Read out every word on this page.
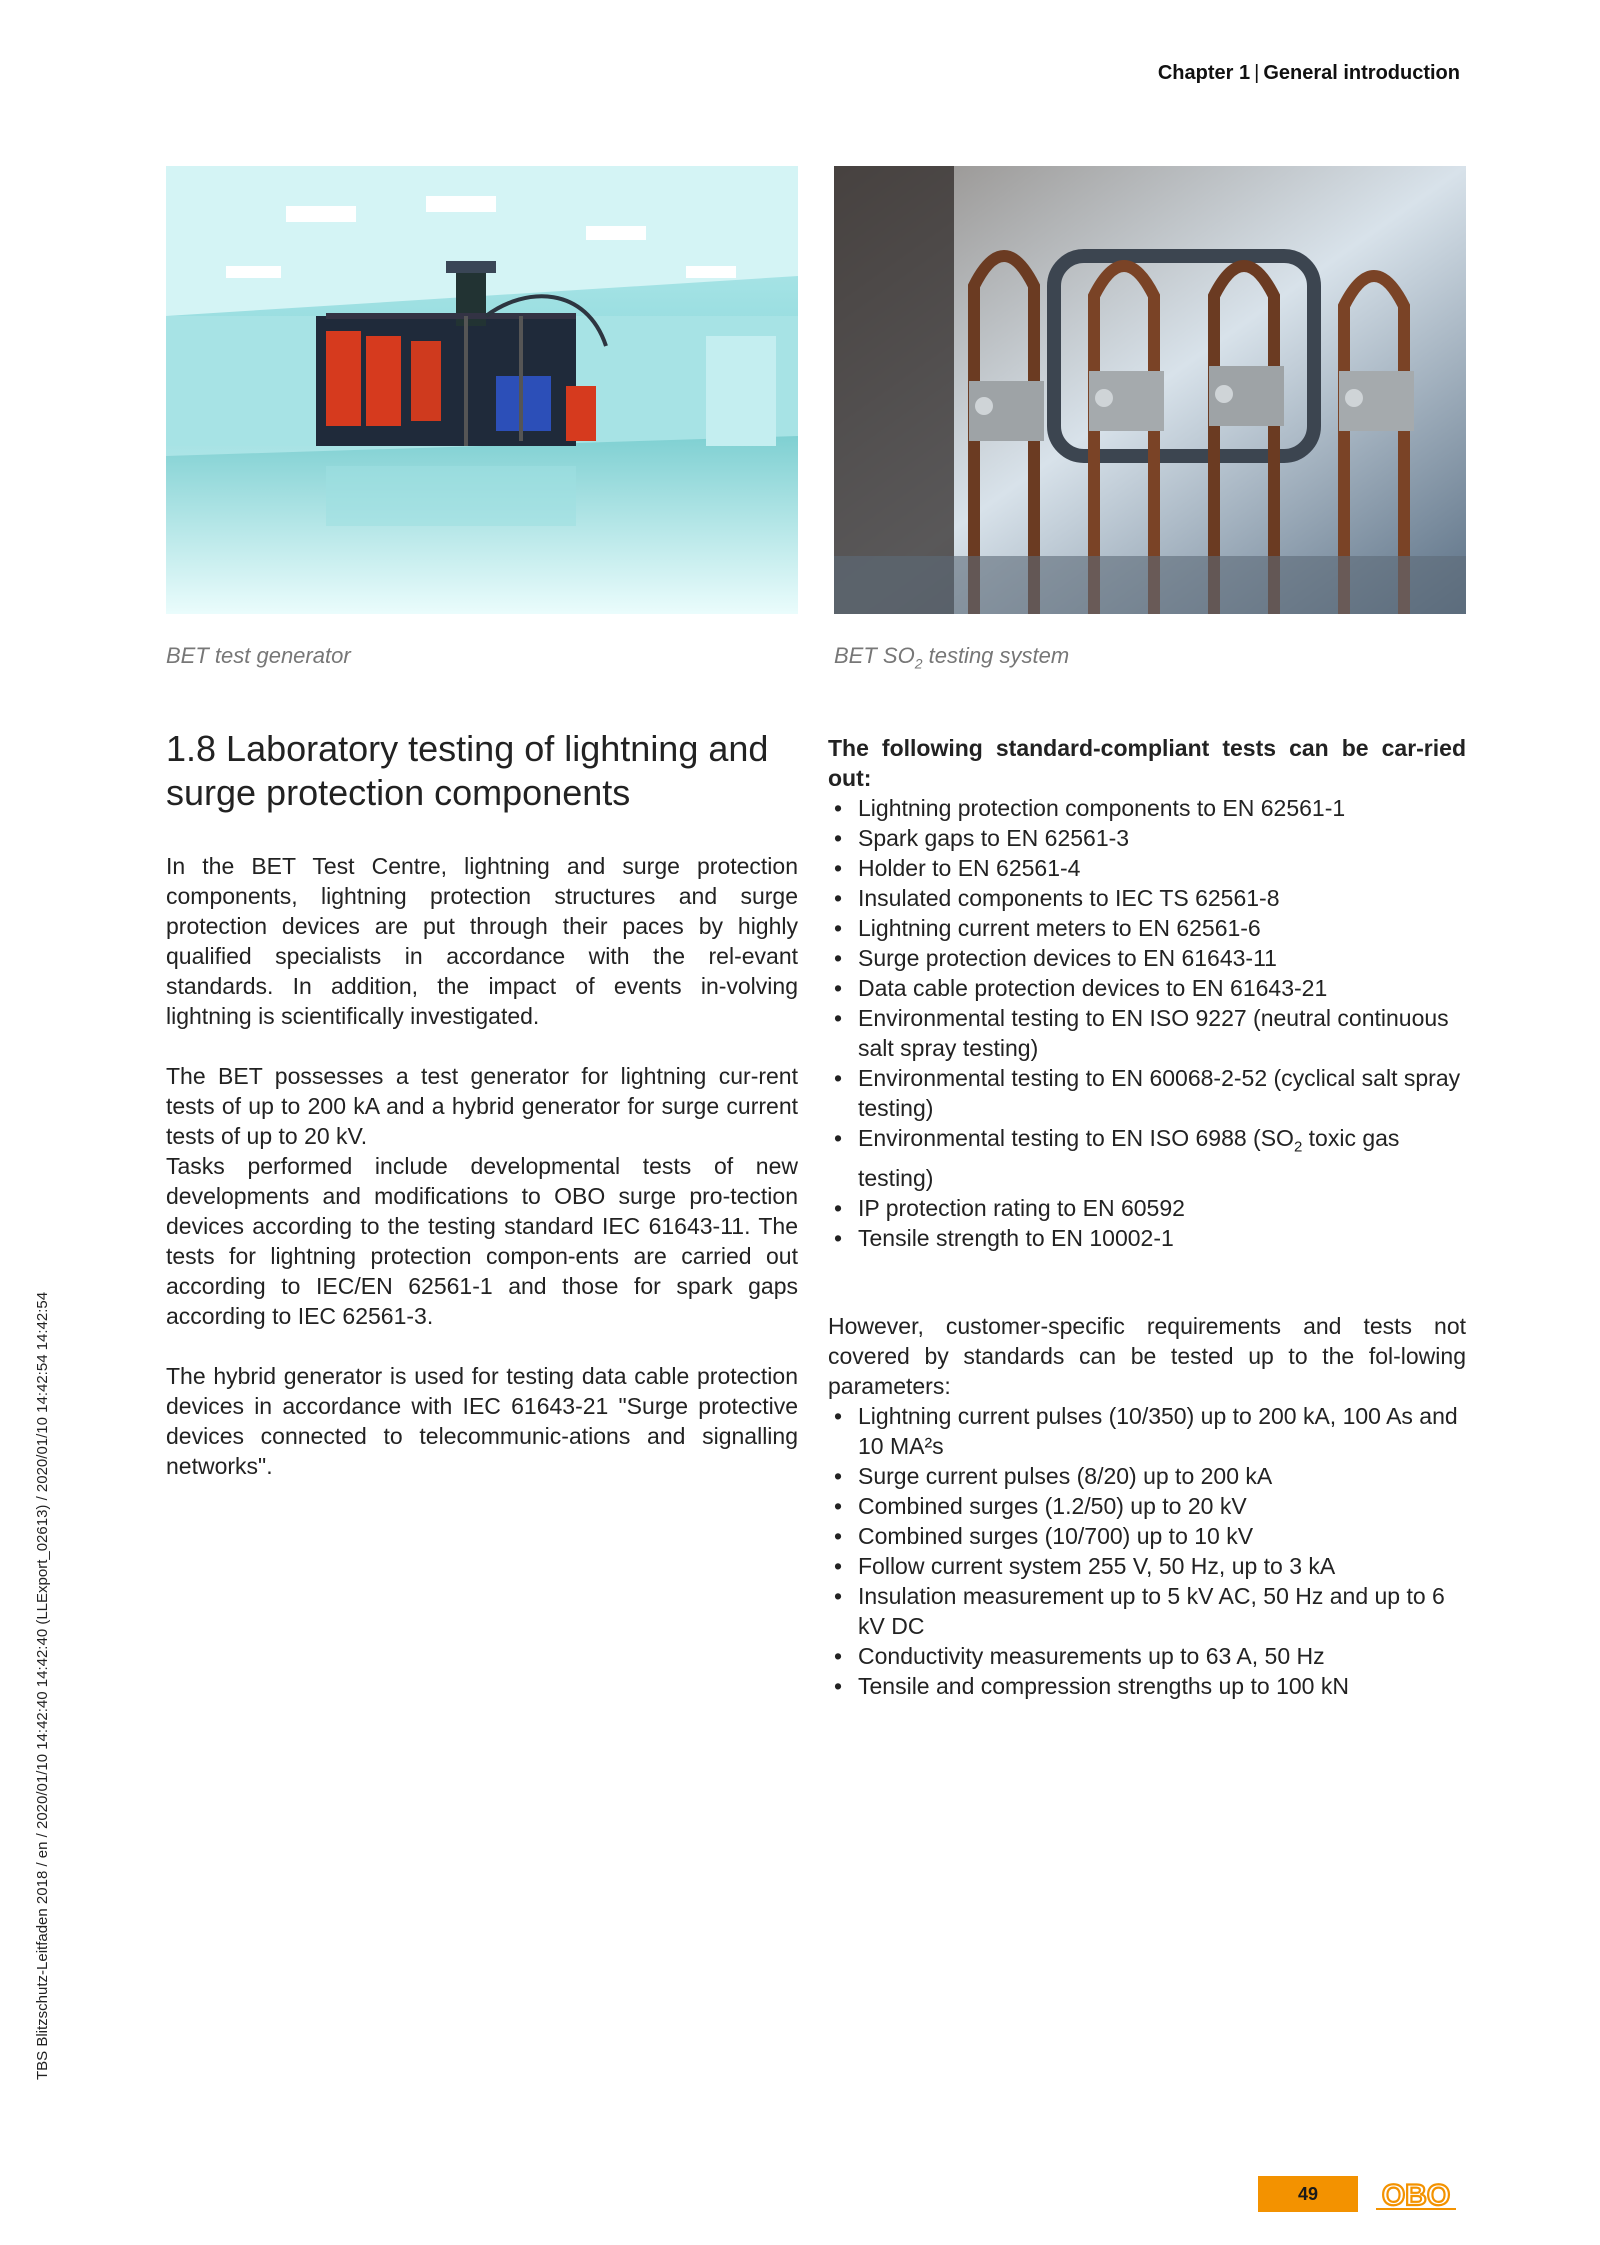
Chapter 1 | General introduction
BET test generator	BET $SO_2$ testing system
1.8 Laboratory testing of lightning and surge protection components

In the BET Test Centre, lightning and surge protection components, lightning protection structures and surge protection devices are put through their paces by highly qualified specialists in accordance with the rel-evant standards. In addition, the impact of events in-volving lightning is scientifically investigated.

The BET possesses a test generator for lightning cur-rent tests of up to 200 kA and a hybrid generator for surge current tests of up to 20 kV.

Tasks performed include developmental tests of new developments and modifications to OBO surge pro-tection devices according to the testing standard IEC 61643-11. The tests for lightning protection compon-ents are carried out according to IEC/EN 62561-1 and those for spark gaps according to IEC 62561-3.

The hybrid generator is used for testing data cable protection devices in accordance with IEC 61643-21 "Surge protective devices connected to telecommunic-ations and signalling networks".

The following standard-compliant tests can be car-ried out:
• Lightning protection components to EN 62561-1
• Spark gaps to EN 62561-3
• Holder to EN 62561-4
• Insulated components to IEC TS 62561-8
• Lightning current meters to EN 62561-6
• Surge protection devices to EN 61643-11
• Data cable protection devices to EN 61643-21
• Environmental testing to EN ISO 9227 (neutral continuous salt spray testing)
• Environmental testing to EN 60068-2-52 (cyclical salt spray testing)
• Environmental testing to EN ISO 6988 ($SO_2$ toxic gas testing)
• IP protection rating to EN 60592
• Tensile strength to EN 10002-1

However, customer-specific requirements and tests not covered by standards can be tested up to the fol-lowing parameters:

• Lightning current pulses (10/350) up to 200 kA, 100 As and 10 MA²s
• Surge current pulses (8/20) up to 200 kA
• Combined surges (1.2/50) up to 20 kV
• Combined surges (10/700) up to 10 kV
• Follow current system 255 V, 50 Hz, up to 3 kA
• Insulation measurement up to 5 kV AC, 50 Hz and up to 6 kV DC
• Conductivity measurements up to 63 A, 50 Hz
• Tensile and compression strengths up to 100 kN
TBS Blitzschutz-Leitfaden 2018 / en / 2020/01/10 14:42:40 14:42:40 (LLExport_02613) / 2020/01/10 14:42:54 14:42:54
49	OBO
